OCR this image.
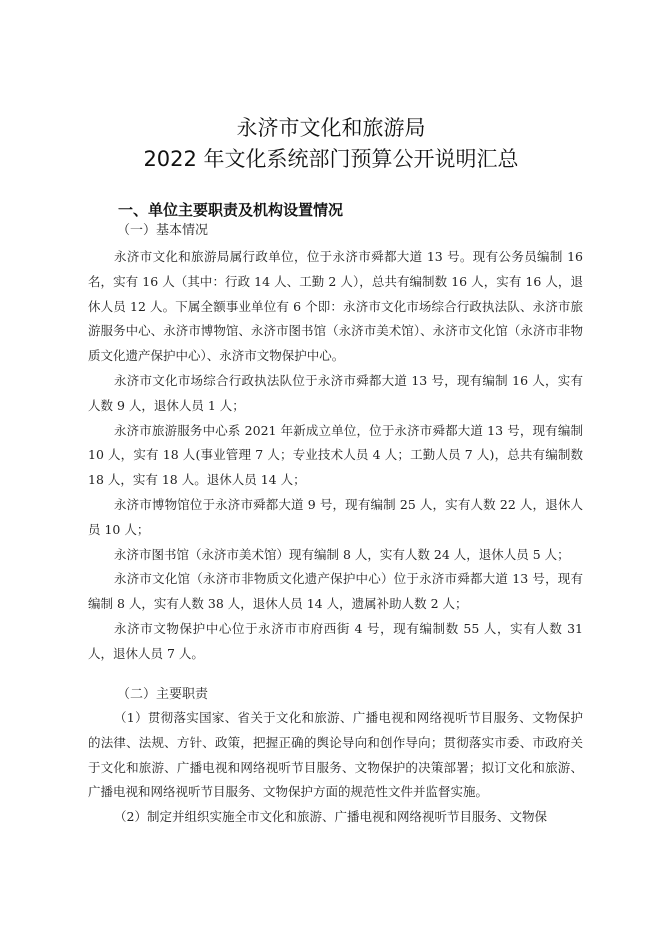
永济市文化和旅游局
2022 年文化系统部门预算公开说明汇总
一、单位主要职责及机构设置情况
（一）基本情况

永济市文化和旅游局属行政单位，位于永济市舜都大道 13 号。现有公务员编制 16 名，实有 16 人（其中：行政 14 人、工勤 2 人），总共有编制数 16 人，实有 16 人，退休人员 12 人。下属全额事业单位有 6 个即：永济市文化市场综合行政执法队、永济市旅游服务中心、永济市博物馆、永济市图书馆（永济市美术馆）、永济市文化馆（永济市非物质文化遗产保护中心）、永济市文物保护中心。

永济市文化市场综合行政执法队位于永济市舜都大道 13 号，现有编制 16 人，实有人数 9 人，退休人员 1 人；

永济市旅游服务中心系 2021 年新成立单位，位于永济市舜都大道 13 号，现有编制 10 人，实有 18 人(事业管理 7 人；专业技术人员 4 人；工勤人员 7 人)，总共有编制数 18 人，实有 18 人。退休人员 14 人；

永济市博物馆位于永济市舜都大道 9 号，现有编制 25 人，实有人数 22 人，退休人员 10 人；

永济市图书馆（永济市美术馆）现有编制 8 人，实有人数 24 人，退休人员 5 人；

永济市文化馆（永济市非物质文化遗产保护中心）位于永济市舜都大道 13 号，现有编制 8 人，实有人数 38 人，退休人员 14 人，遗属补助人数 2 人；

永济市文物保护中心位于永济市市府西街 4 号，现有编制数 55 人，实有人数 31 人，退休人员 7 人。

（二）主要职责

（1）贯彻落实国家、省关于文化和旅游、广播电视和网络视听节目服务、文物保护的法律、法规、方针、政策，把握正确的舆论导向和创作导向；贯彻落实市委、市政府关于文化和旅游、广播电视和网络视听节目服务、文物保护的决策部署；拟订文化和旅游、广播电视和网络视听节目服务、文物保护方面的规范性文件并监督实施。

（2）制定并组织实施全市文化和旅游、广播电视和网络视听节目服务、文物保
